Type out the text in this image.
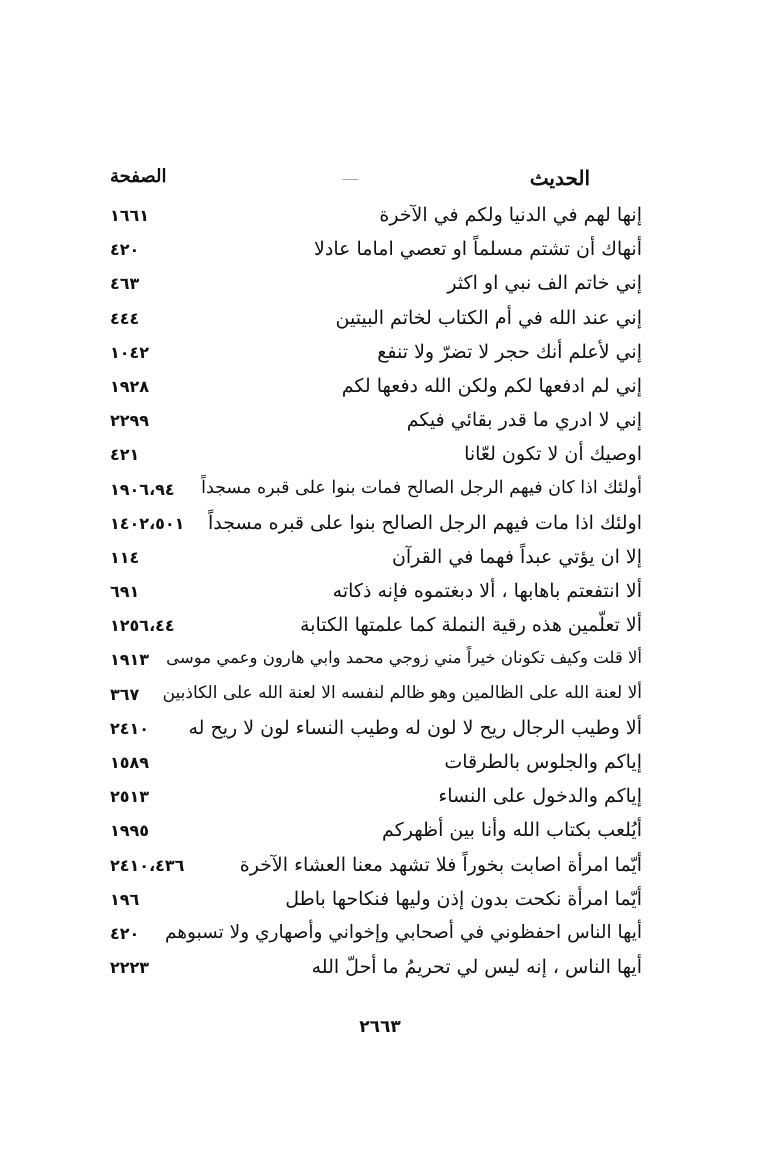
الحديث
⸺
الصفحة
إنها لهم في الدنيا ولكم في الآخرة
١٦٦١
أنهاك أن تشتم مسلماً او تعصي اماما عادلا
٤٢٠
إني خاتم الف نبي او اكثر
٤٦٣
إني عند الله في أم الكتاب لخاتم البيتين
٤٤٤
إني لأعلم أنك حجر لا تضرّ ولا تنفع
١٠٤٢
إني لم ادفعها لكم ولكن الله دفعها لكم
١٩٢٨
إني لا ادري ما قدر بقائي فيكم
٢٢٩٩
اوصيك أن لا تكون لعّانا
٤٢١
أولئك اذا كان فيهم الرجل الصالح فمات بنوا على قبره مسجداً
١٩٠٦،٩٤
اولئك اذا مات فيهم الرجل الصالح بنوا على قبره مسجداً
١٤٠٢،٥٠١
إلا ان يؤتي عبداً فهما في القرآن
١١٤
ألا انتفعتم باهابها ، ألا دبغتموه فإنه ذكاته
٦٩١
ألا تعلّمين هذه رقية النملة كما علمتها الكتابة
١٢٥٦،٤٤
ألا قلت وكيف تكونان خيراً مني زوجي محمد وابي هارون وعمي موسى
١٩١٣
ألا لعنة الله على الظالمين وهو ظالم لنفسه الا لعنة الله على الكاذبين
٣٦٧
ألا وطيب الرجال ريح لا لون له وطيب النساء لون لا ريح له
٢٤١٠
إياكم والجلوس بالطرقات
١٥٨٩
إياكم والدخول على النساء
٢٥١٣
أيُلعب بكتاب الله وأنا بين أظهركم
١٩٩٥
أيّما امرأة اصابت بخوراً فلا تشهد معنا العشاء الآخرة
٢٤١٠،٤٣٦
أيّما امرأة نكحت بدون إذن وليها فنكاحها باطل
١٩٦
أيها الناس احفظوني في أصحابي وإخواني وأصهاري ولا تسبوهم
٤٢٠
أيها الناس ، إنه ليس لي تحريمُ ما أحلّ الله
٢٢٢٣
٢٦٦٣
